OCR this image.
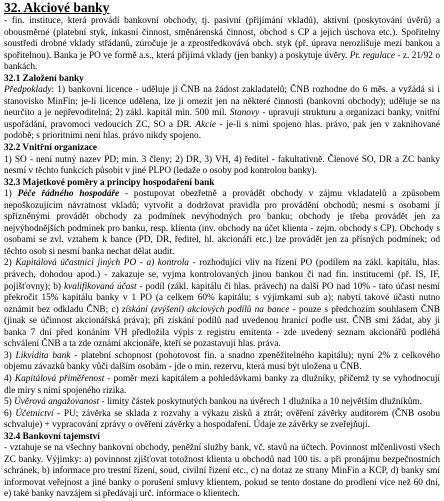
32. Akciové banky

- fin. instituce, která provádí bankovní obchody, tj. pasivní (přijímání vkladů), aktivní (poskytování úvěrů) a obousměrné (platební styk, inkasní činnost, směnárenská činnost, obchod s CP a jejich úschova etc.). Spořitelny soustředí drobné vklady střádanů, zúročuje je a zprostředkovává obch. styk (př. úprava nerozlišuje mezi bankou a spořitelnou). Banka je PO ve formě a.s., která přijímá vklady (jen banky) a poskytuje úvěry. Pr. regulace - z. 21/92 o bankách.

32.1 Založení banky

Předpoklady: 1) bankovní licence - uděluje ji ČNB na žádost zakladatelů; ČNB rozhodne do 6 měs. a vyžádá si i stanovisko MinFin; je-li licence udělena, lze ji omezit jen na některé činnosti (bankovní obchody); uděluje se na neurčito a je nepřevoditelná; 2) zákl. kapitál min. 500 mil. Stanovy - upravují strukturu a organizaci banky, vnitřní uspořádání, pravomoci vedoucích ZC, SO a DR. Akcie - je-li s nimi spojeno hlas. právo, pak jen v zaknihované podobě; s prioritními není hlas. právo nikdy spojeno.

32.2 Vnitřní organizace

1) SO - není nutný nazev PD; min. 3 členy; 2) DR, 3) VH, 4) ředitel - fakultativně. Členové SO, DR a ZC banky nesmí v těchto funkcích působit v jiné PLPO (ledaže o osoby pod kontrolou banky).

32.3 Majetkové poměry a principy hospodaření bank

1) Péče řádného hospodáře - postupovat obezřetně a provádět obchody v zájmu vkladatelů a způsobem nepoškozujícím návratnost vkladů; vytvořit a dodržovat pravidla pro provádění obchodů; nesmí s osobami jí spřízněnými provádět obchody za podmínek nevýhodných pro banku; obchody je třeba provádět jen za nejvýhodnějších podmínek pro banku, resp. klienta (inv. obchody na účet klienta - zejm. obchody s CP). Obchody s osobami se zvl. vztahem k bance (PD, DR, ředitel, hl. akcionáři etc.) lze provádět jen za přísných podmínek; od těchto osob si nesmí banka nechat dělat audit.

2) Kapitálová účastníci jiných PO - a) kontrola - rozhodující vliv na řízení PO (podílem na zákl. kapitálu, hlas. právech, dohodou apod.) - zakazuje se, vyjma kontrolovaných jinou bankou či nad fin. institucemi (př. IS, IF, pojišťovny); b) kvalifikovaná účast - podíl (zákl. kapitálu či hlas. právech) na další PO nad 10% - tato účast nesmí překročit 15% kapitálu banky v 1 PO (a celkem 60% kapitálu; s výjimkami sub a); nabytí takové účasti nutno oznámit bez odkladu ČNB; c) získání (zvýšení) akciových podílů na bance - pouze s předchozím souhlasem ČNB (jinak se účinnost akcionářská práva); při získání podílů nad uvedenou hranicí podle ust. ČNB smí žádat, aby ji banka 7 dní před konáním VH předložila výpis z registru emitenta - zde uvedený seznam akcionářů podléhá schválení ČNB a ta zde oznámí akcionáře, kteří se pozastavují hlas. práva.

3) Likvidita bank - platební schopnost (pohotovost fin. a snadno zpeněžitelného kapitálu); nyní 2% z celkového objemu závazků banky vůči dalším osobám - jde o min. rezervu, která musí být uložena u ČNB.

4) Kapitálová přiměřenost - poměr mezi kapitálem a pohledávkami banky za dlužníky, přičemž ty se vyhodnocují dle míry s nimi spojeného rizika.

5) Úvěrová angažovanost - limity částek poskytnutých bankou na úvěrech 1 dlužníka a 10 největším dlužníkům.

6) Účetnictví - PU; závěrka se sklada z rozvahy a výkazu zisků a ztrát; ověření závěrky auditorem (ČNB osobu schvaluje) + vypracování zprávy o ověření závěrky a hospodaření. Údaje ze závěrky se zveřejňují.

32.4 Bankovní tajemství

- vztahuje se na všechny bankovní obchody, peněžní služby bank, vč. stavů na účtech. Povinnost mlčenlivosti všech ZC banky. Výjimky: a) povinnost zjišťovat totožnost klienta u obchodů nad 100 tis. a při pronájmu bezpečnostních schránek, b) informace pro trestní řízení, soud, civilní řízení etc., c) na dotaz ze strany MinFin a KCP, d) banky smí informovat veřejnost a jiné banky o porušení smluvy klientem, pokud se tento dostane do prodlení více než 60 dní, e) také banky navzájem si předávají urč. informace o klientech.
